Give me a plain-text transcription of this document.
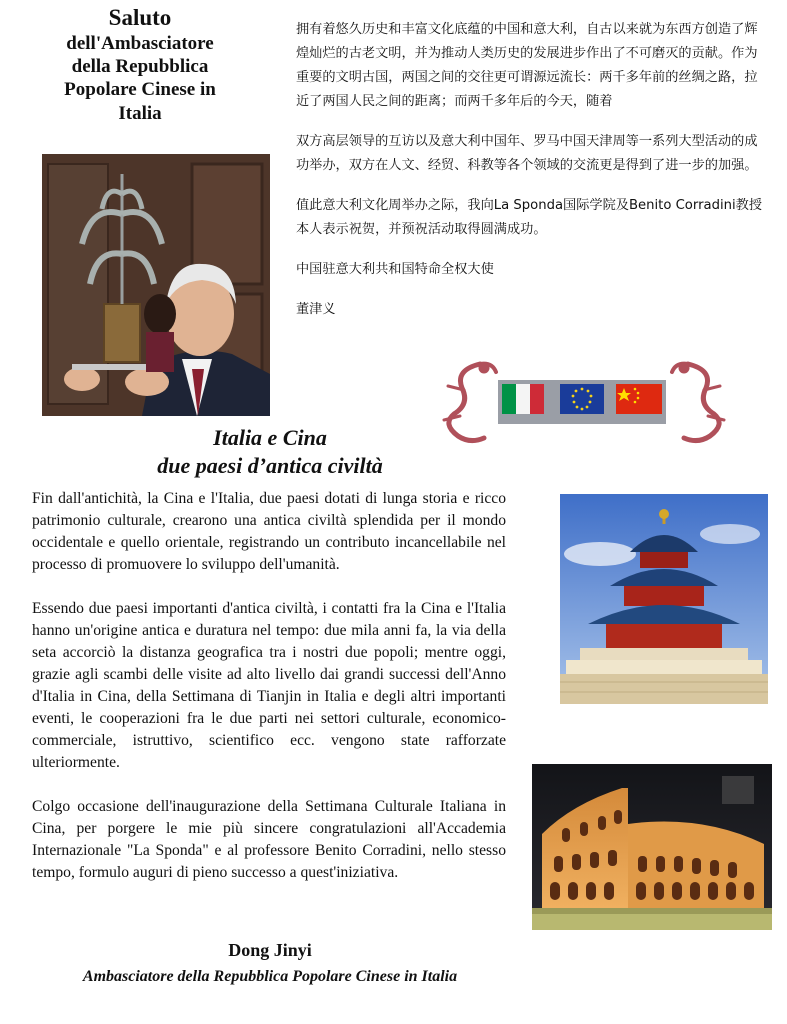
Saluto
dell'Ambasciatore
della Repubblica
Popolare Cinese in
Italia

拥有着悠久历史和丰富文化底蕴的中国和意大利，自古以来就为东西方创造了辉煌灿烂的古老文明，并为推动人类历史的发展进步作出了不可磨灭的贡献。作为重要的文明古国，两国之间的交往更可谓源远流长：两千多年前的丝绸之路，拉近了两国人民之间的距离；而两千多年后的今天，随着

双方高层领导的互访以及意大利中国年、罗马中国天津周等一系列大型活动的成功举办，双方在人文、经贸、科教等各个领域的交流更是得到了进一步的加强。

值此意大利文化周举办之际，我向La Sponda国际学院及Benito Corradini教授本人表示祝贺，并预祝活动取得圆满成功。

中国驻意大利共和国特命全权大使

董津义

Italia e Cina
due paesi d’antica civiltà

Fin dall'antichità, la Cina e l'Italia, due paesi dotati di lunga storia e ricco patrimonio culturale, crearono una antica civiltà splendida per il mondo occidentale e quello orientale, registrando un contributo incancellabile nel processo di promuovere lo sviluppo dell'umanità.

Essendo due paesi importanti d'antica civiltà, i contatti fra la Cina e l'Italia hanno un'origine antica e duratura nel tempo: due mila anni fa, la via della seta accorciò la distanza geografica tra i nostri due popoli; mentre oggi, grazie agli scambi delle visite ad alto livello dai grandi successi dell'Anno d'Italia in Cina, della Settimana di Tianjin in Italia e degli altri importanti eventi, le cooperazioni fra le due parti nei settori culturale, economico-commerciale, istruttivo, scientifico ecc. vengono state rafforzate ulteriormente.

Colgo occasione dell'inaugurazione della Settimana Culturale Italiana in Cina, per porgere le mie più sincere congratulazioni all'Accademia Internazionale "La Sponda" e al professore Benito Corradini, nello stesso tempo, formulo auguri di pieno successo a quest'iniziativa.

Dong Jinyi
Ambasciatore della Repubblica Popolare Cinese in Italia
